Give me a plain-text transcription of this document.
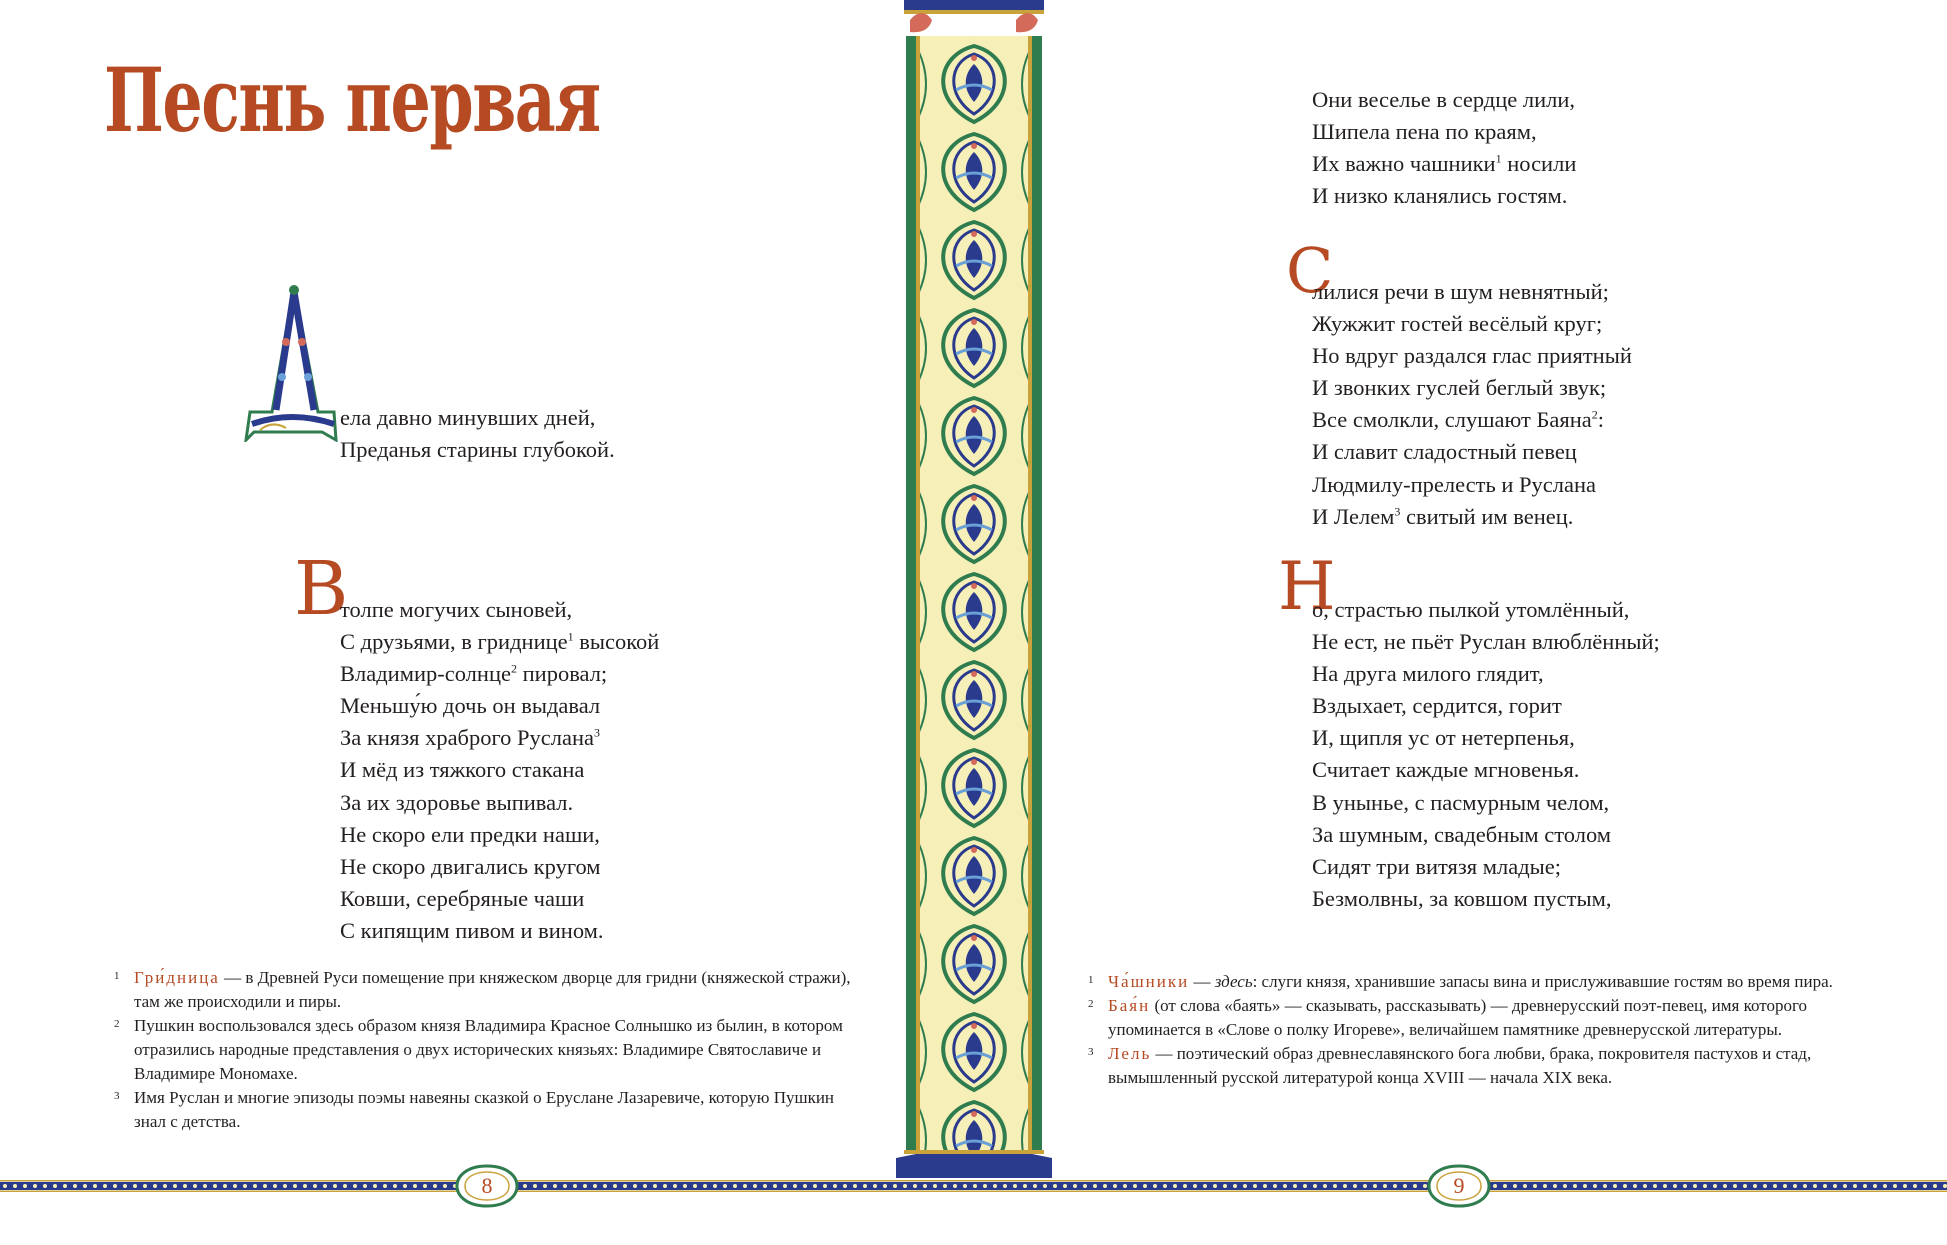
Песнь первая
ела давно минувших дней,
Преданья старины глубокой.
В
толпе могучих сыновей,
С друзьями, в гриднице$^1$ высокой
Владимир-солнце$^2$ пировал;
Меньшу́ю дочь он выдавал
За князя храброго Руслана$^3$
И мёд из тяжкого стакана
За их здоровье выпивал.
Не скоро ели предки наши,
Не скоро двигались кругом
Ковши, серебряные чаши
С кипящим пивом и вином.
1 Гри́дница — в Древней Руси помещение при княжеском дворце для гридни (княжеской стражи), там же происходили и пиры.
2 Пушкин воспользовался здесь образом князя Владимира Красное Солнышко из былин, в котором отразились народные представления о двух исторических князьях: Владимире Святославиче и Владимире Мономахе.
3 Имя Руслан и многие эпизоды поэмы навеяны сказкой о Еруслане Лазаревиче, которую Пушкин знал с детства.
Они веселье в сердце лили,
Шипела пена по краям,
Их важно чашники$^1$ носили
И низко кланялись гостям.
С
лилися речи в шум невнятный;
Жужжит гостей весёлый круг;
Но вдруг раздался глас приятный
И звонких гуслей беглый звук;
Все смолкли, слушают Баяна$^2$:
И славит сладостный певец
Людмилу-прелесть и Руслана
И Лелем$^3$ свитый им венец.
Н
о, страстью пылкой утомлённый,
Не ест, не пьёт Руслан влюблённый;
На друга милого глядит,
Вздыхает, сердится, горит
И, щипля ус от нетерпенья,
Считает каждые мгновенья.
В унынье, с пасмурным челом,
За шумным, свадебным столом
Сидят три витязя младые;
Безмолвны, за ковшом пустым,
1 Ча́шники — здесь: слуги князя, хранившие запасы вина и прислуживавшие гостям во время пира.
2 Бая́н (от слова «баять» — сказывать, рассказывать) — древнерусский поэт-певец, имя которого упоминается в «Слове о полку Игореве», величайшем памятнике древнерусской литературы.
3 Лель — поэтический образ древнеславянского бога любви, брака, покровителя пастухов и стад, вымышленный русской литературой конца XVIII — начала XIX века.
8	9
